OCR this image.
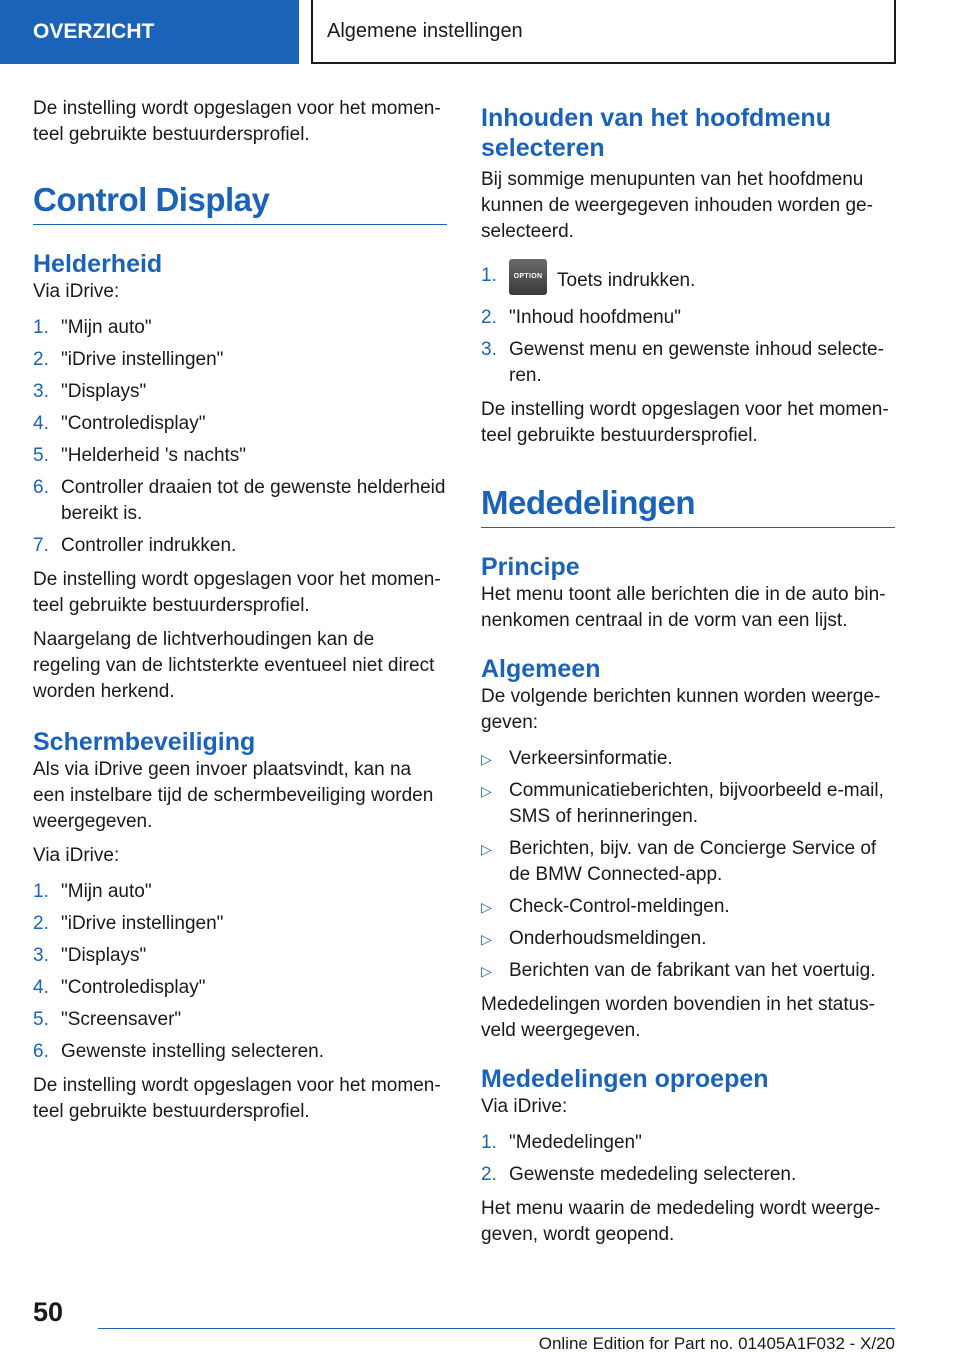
OVERZICHT	Algemene instellingen

De instelling wordt opgeslagen voor het momenteel gebruikte bestuurdersprofiel.

Control Display
Helderheid

Via iDrive:

1. "Mijn auto"
2. "iDrive instellingen"
3. "Displays"
4. "Controledisplay"
5. "Helderheid 's nachts"
6. Controller draaien tot de gewenste helderheid bereikt is.
7. Controller indrukken.

De instelling wordt opgeslagen voor het momenteel gebruikte bestuurdersprofiel.

Naargelang de lichtverhoudingen kan de regeling van de lichtsterkte eventueel niet direct worden herkend.

Schermbeveiliging

Als via iDrive geen invoer plaatsvindt, kan na een instelbare tijd de schermbeveiliging worden weergegeven.

Via iDrive:

1. "Mijn auto"
2. "iDrive instellingen"
3. "Displays"
4. "Controledisplay"
5. "Screensaver"
6. Gewenste instelling selecteren.

De instelling wordt opgeslagen voor het momenteel gebruikte bestuurdersprofiel.

Inhouden van het hoofdmenu selecteren

Bij sommige menupunten van het hoofdmenu kunnen de weergegeven inhouden worden geselecteerd.

1.	OPTION Toets indrukken.
2. "Inhoud hoofdmenu"
3. Gewenst menu en gewenste inhoud selecteren.

De instelling wordt opgeslagen voor het momenteel gebruikte bestuurdersprofiel.

Mededelingen
Principe

Het menu toont alle berichten die in de auto binnenkomen centraal in de vorm van een lijst.

Algemeen

De volgende berichten kunnen worden weergegeven:

▷ Verkeersinformatie.
▷ Communicatieberichten, bijvoorbeeld e-mail, SMS of herinneringen.
▷ Berichten, bijv. van de Concierge Service of de BMW Connected-app.
▷ Check-Control-meldingen.
▷ Onderhoudsmeldingen.
▷ Berichten van de fabrikant van het voertuig.

Mededelingen worden bovendien in het statusveld weergegeven.

Mededelingen oproepen

Via iDrive:

1. "Mededelingen"
2. Gewenste mededeling selecteren.

Het menu waarin de mededeling wordt weergegeven, wordt geopend.

50
Online Edition for Part no. 01405A1F032 - X/20
